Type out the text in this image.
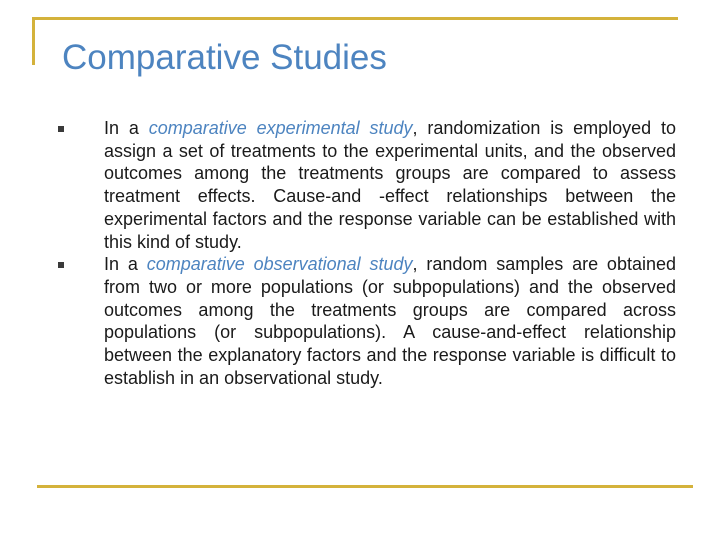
Comparative Studies
In a comparative experimental study, randomization is employed to assign a set of treatments to the experimental units, and the observed outcomes among the treatments groups are compared to assess treatment effects. Cause-and -effect relationships between the experimental factors and the response variable can be established with this kind of study.
In a comparative observational study, random samples are obtained from two or more populations (or subpopulations) and the observed outcomes among the treatments groups are compared across populations (or subpopulations). A cause-and-effect relationship between the explanatory factors and the response variable is difficult to establish in an observational study.
